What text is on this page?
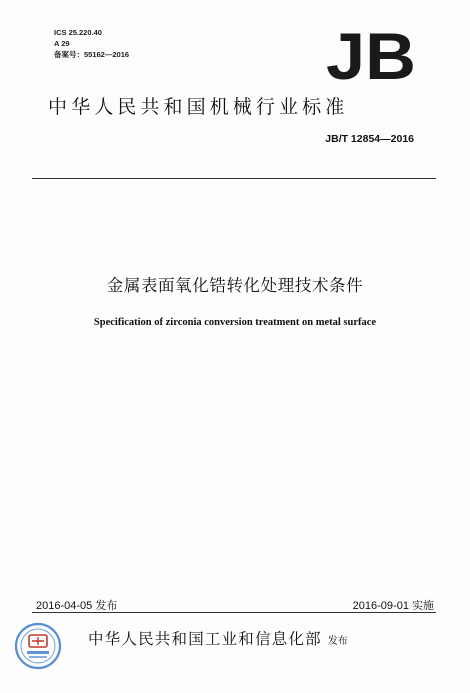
ICS 25.220.40
A 29
备案号：55162—2016	JB
中华人民共和国机械行业标准
JB/T 12854—2016
金属表面氧化锆转化处理技术条件
Specification of zirconia conversion treatment on metal surface
2016-04-05 发布	2016-09-01 实施
中华人民共和国工业和信息化部 发布
